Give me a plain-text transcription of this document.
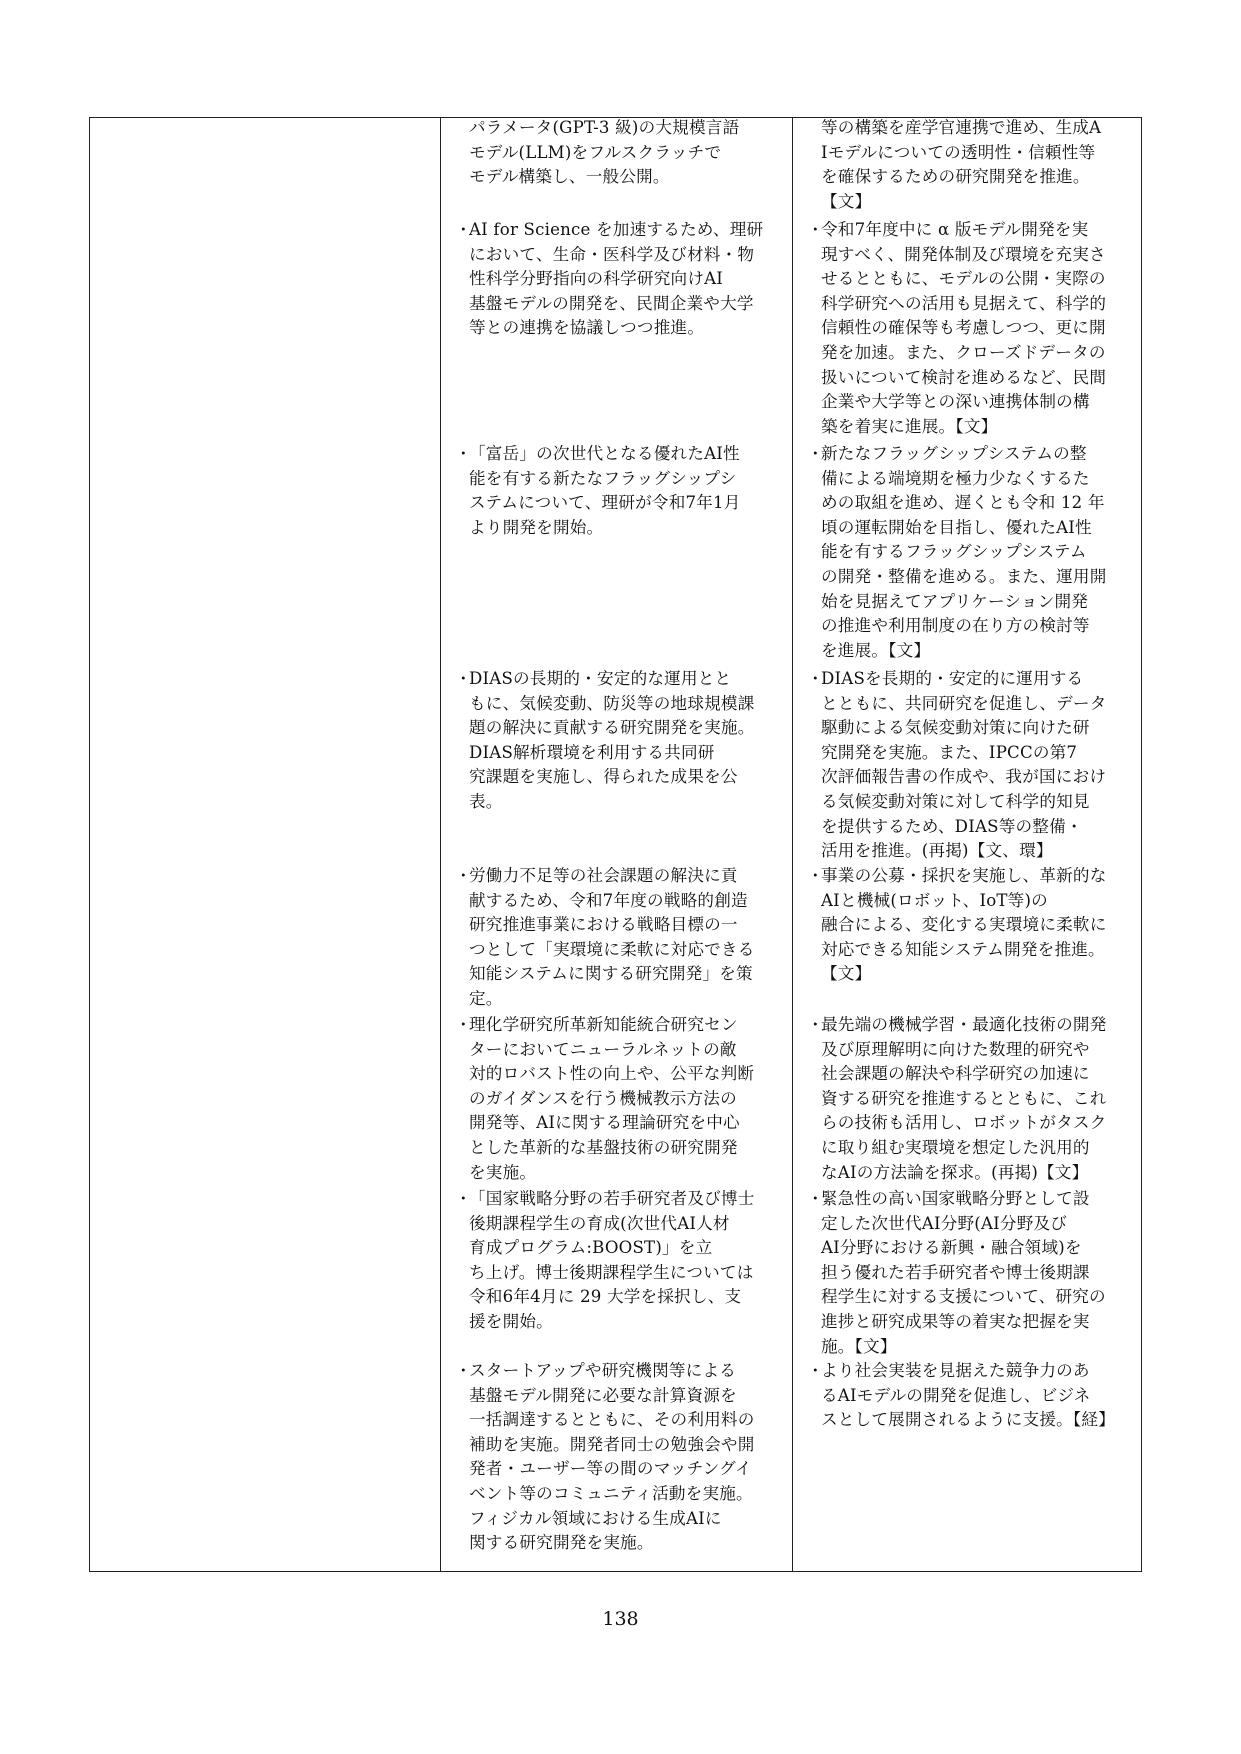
パラメータ(GPT-3 級)の大規模言語
モデル(LLM)をフルスクラッチで
モデル構築し、一般公開。
・
AI for Science を加速するため、理研
において、生命・医科学及び材料・物
性科学分野指向の科学研究向けAI
基盤モデルの開発を、民間企業や大学
等との連携を協議しつつ推進。
・
「富岳」の次世代となる優れたAI性
能を有する新たなフラッグシップシ
ステムについて、理研が令和7年1月
より開発を開始。
・
DIASの長期的・安定的な運用とと
もに、気候変動、防災等の地球規模課
題の解決に貢献する研究開発を実施。
DIAS解析環境を利用する共同研
究課題を実施し、得られた成果を公
表。
・
労働力不足等の社会課題の解決に貢
献するため、令和7年度の戦略的創造
研究推進事業における戦略目標の一
つとして「実環境に柔軟に対応できる
知能システムに関する研究開発」を策
定。
・
理化学研究所革新知能統合研究セン
ターにおいてニューラルネットの敵
対的ロバスト性の向上や、公平な判断
のガイダンスを行う機械教示方法の
開発等、AIに関する理論研究を中心
とした革新的な基盤技術の研究開発
を実施。
・
「国家戦略分野の若手研究者及び博士
後期課程学生の育成(次世代AI人材
育成プログラム:BOOST)」を立
ち上げ。博士後期課程学生については
令和6年4月に 29 大学を採択し、支
援を開始。
・
スタートアップや研究機関等による
基盤モデル開発に必要な計算資源を
一括調達するとともに、その利用料の
補助を実施。開発者同士の勉強会や開
発者・ユーザー等の間のマッチングイ
ベント等のコミュニティ活動を実施。
フィジカル領域における生成AIに
関する研究開発を実施。
等の構築を産学官連携で進め、生成A
Iモデルについての透明性・信頼性等
を確保するための研究開発を推進。
【文】
・
令和7年度中に α 版モデル開発を実
現すべく、開発体制及び環境を充実さ
せるとともに、モデルの公開・実際の
科学研究への活用も見据えて、科学的
信頼性の確保等も考慮しつつ、更に開
発を加速。また、クローズドデータの
扱いについて検討を進めるなど、民間
企業や大学等との深い連携体制の構
築を着実に進展。【文】
・
新たなフラッグシップシステムの整
備による端境期を極力少なくするた
めの取組を進め、遅くとも令和 12 年
頃の運転開始を目指し、優れたAI性
能を有するフラッグシップシステム
の開発・整備を進める。また、運用開
始を見据えてアプリケーション開発
の推進や利用制度の在り方の検討等
を進展。【文】
・
DIASを長期的・安定的に運用する
とともに、共同研究を促進し、データ
駆動による気候変動対策に向けた研
究開発を実施。また、IPCCの第7
次評価報告書の作成や、我が国におけ
る気候変動対策に対して科学的知見
を提供するため、DIAS等の整備・
活用を推進。(再掲)【文、環】
・
事業の公募・採択を実施し、革新的な
AIと機械(ロボット、IoT等)の
融合による、変化する実環境に柔軟に
対応できる知能システム開発を推進。
【文】
・
最先端の機械学習・最適化技術の開発
及び原理解明に向けた数理的研究や
社会課題の解決や科学研究の加速に
資する研究を推進するとともに、これ
らの技術も活用し、ロボットがタスク
に取り組む実環境を想定した汎用的
なAIの方法論を探求。(再掲)【文】
・
緊急性の高い国家戦略分野として設
定した次世代AI分野(AI分野及び
AI分野における新興・融合領域)を
担う優れた若手研究者や博士後期課
程学生に対する支援について、研究の
進捗と研究成果等の着実な把握を実
施。【文】
・
より社会実装を見据えた競争力のあ
るAIモデルの開発を促進し、ビジネ
スとして展開されるように支援。【経】
138
